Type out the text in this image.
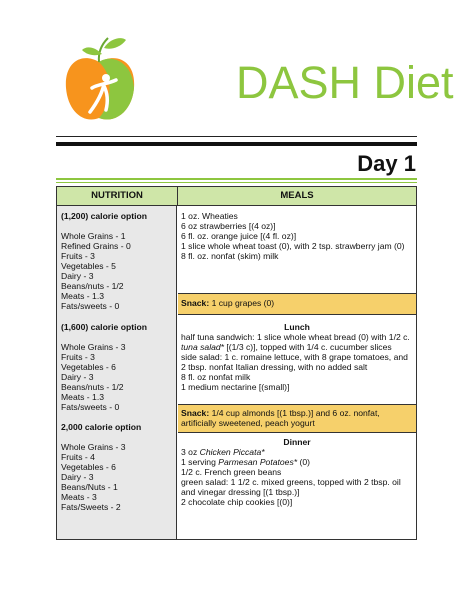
DASH Diet
Day 1
NUTRITION	MEALS
(1,200) calorie option
Whole Grains - 1
Refined Grains - 0
Fruits - 3
Vegetables - 5
Dairy - 3
Beans/nuts - 1/2
Meats - 1.3
Fats/sweets - 0
(1,600) calorie option
Whole Grains - 3
Fruits - 3
Vegetables - 6
Dairy - 3
Beans/nuts - 1/2
Meats - 1.3
Fats/sweets - 0
2,000 calorie option
Whole Grains - 3
Fruits - 4
Vegetables - 6
Dairy - 3
Beans/Nuts - 1
Meats - 3
Fats/Sweets - 2
1 oz. Wheaties
6 oz strawberries [(4 oz)]
6 fl. oz. orange juice [(4 fl. oz)]
1 slice whole wheat toast (0), with 2 tsp. strawberry jam (0)
8 fl. oz. nonfat (skim) milk
Snack: 1 cup grapes (0)
Lunch
half tuna sandwich: 1 slice whole wheat bread (0) with 1/2 c.
tuna salad* [(1/3 c)], topped with 1/4 c. cucumber slices
side salad: 1 c. romaine lettuce, with 8 grape tomatoes, and
2 tbsp. nonfat Italian dressing, with no added salt
8 fl. oz nonfat milk
1 medium nectarine [(small)]
Snack: 1/4 cup almonds [(1 tbsp.)] and 6 oz. nonfat,
artificially sweetened, peach yogurt
Dinner
3 oz Chicken Piccata*
1 serving Parmesan Potatoes* (0)
1/2 c. French green beans
green salad: 1 1/2 c. mixed greens, topped with 2 tbsp. oil
and vinegar dressing [(1 tbsp.)]
2 chocolate chip cookies [(0)]
